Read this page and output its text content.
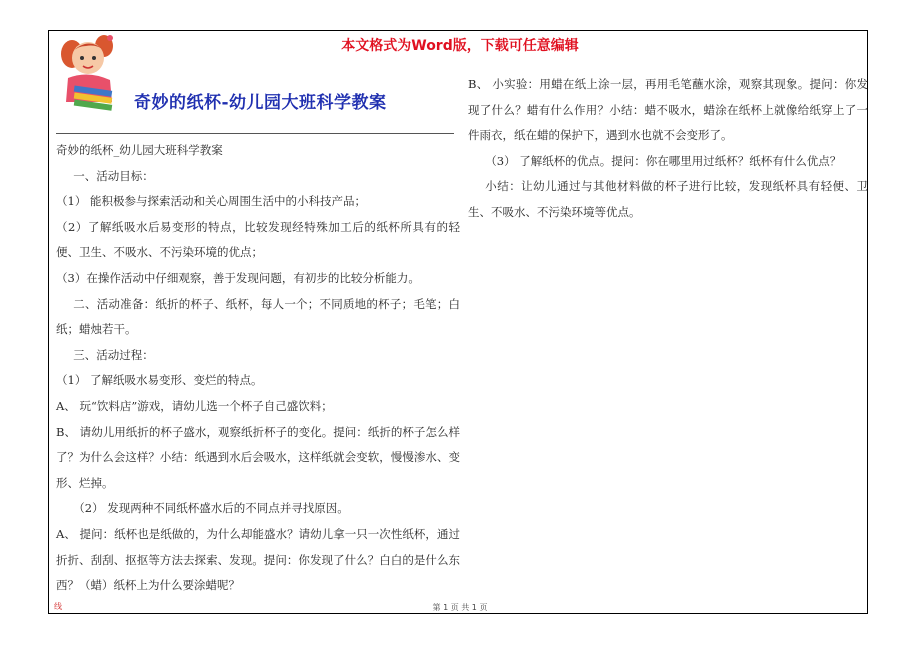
本文格式为Word版，下载可任意编辑
奇妙的纸杯-幼儿园大班科学教案

奇妙的纸杯_幼儿园大班科学教案

一、活动目标：

（1） 能积极参与探索活动和关心周围生活中的小科技产品；

（2）了解纸吸水后易变形的特点，比较发现经特殊加工后的纸杯所具有的轻便、卫生、不吸水、不污染环境的优点；

（3）在操作活动中仔细观察，善于发现问题，有初步的比较分析能力。

二、活动准备：纸折的杯子、纸杯，每人一个；不同质地的杯子；毛笔；白纸；蜡烛若干。

三、活动过程：

（1） 了解纸吸水易变形、变烂的特点。

A、 玩“饮料店”游戏，请幼儿选一个杯子自己盛饮料；

B、 请幼儿用纸折的杯子盛水，观察纸折杯子的变化。提问：纸折的杯子怎么样了？为什么会这样？小结：纸遇到水后会吸水，这样纸就会变软，慢慢渗水、变形、烂掉。

（2） 发现两种不同纸杯盛水后的不同点并寻找原因。

A、 提问：纸杯也是纸做的，为什么却能盛水？请幼儿拿一只一次性纸杯，通过折折、刮刮、抠抠等方法去探索、发现。提问：你发现了什么？白白的是什么东西？（蜡）纸杯上为什么要涂蜡呢？

B、 小实验：用蜡在纸上涂一层，再用毛笔蘸水涂，观察其现象。提问：你发现了什么？蜡有什么作用？小结：蜡不吸水，蜡涂在纸杯上就像给纸穿上了一件雨衣，纸在蜡的保护下，遇到水也就不会变形了。

（3） 了解纸杯的优点。提问：你在哪里用过纸杯？纸杯有什么优点？

小结：让幼儿通过与其他材料做的杯子进行比较，发现纸杯具有轻便、卫生、不吸水、不污染环境等优点。

线	第 1 页 共 1 页
